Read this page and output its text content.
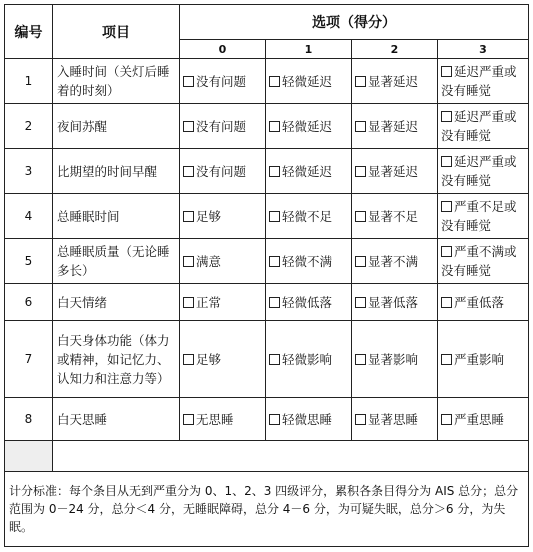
编号	项目	选项（得分）			
		0	1	2	3
1	入睡时间（关灯后睡着的时刻）	没有问题	轻微延迟	显著延迟	延迟严重或没有睡觉
2	夜间苏醒	没有问题	轻微延迟	显著延迟	延迟严重或没有睡觉
3	比期望的时间早醒	没有问题	轻微延迟	显著延迟	延迟严重或没有睡觉
4	总睡眠时间	足够	轻微不足	显著不足	严重不足或没有睡觉
5	总睡眠质量（无论睡多长）	满意	轻微不满	显著不满	严重不满或没有睡觉
6	白天情绪	正常	轻微低落	显著低落	严重低落
7	白天身体功能（体力或精神，如记忆力、认知力和注意力等）	足够	轻微影响	显著影响	严重影响
8	白天思睡	无思睡	轻微思睡	显著思睡	严重思睡

计分标准：每个条目从无到严重分为 0、1、2、3 四级评分，累积各条目得分为 AIS 总分；总分范围为 0－24 分，总分＜4 分，无睡眠障碍，总分 4－6 分，为可疑失眠，总分＞6 分，为失眠。					
